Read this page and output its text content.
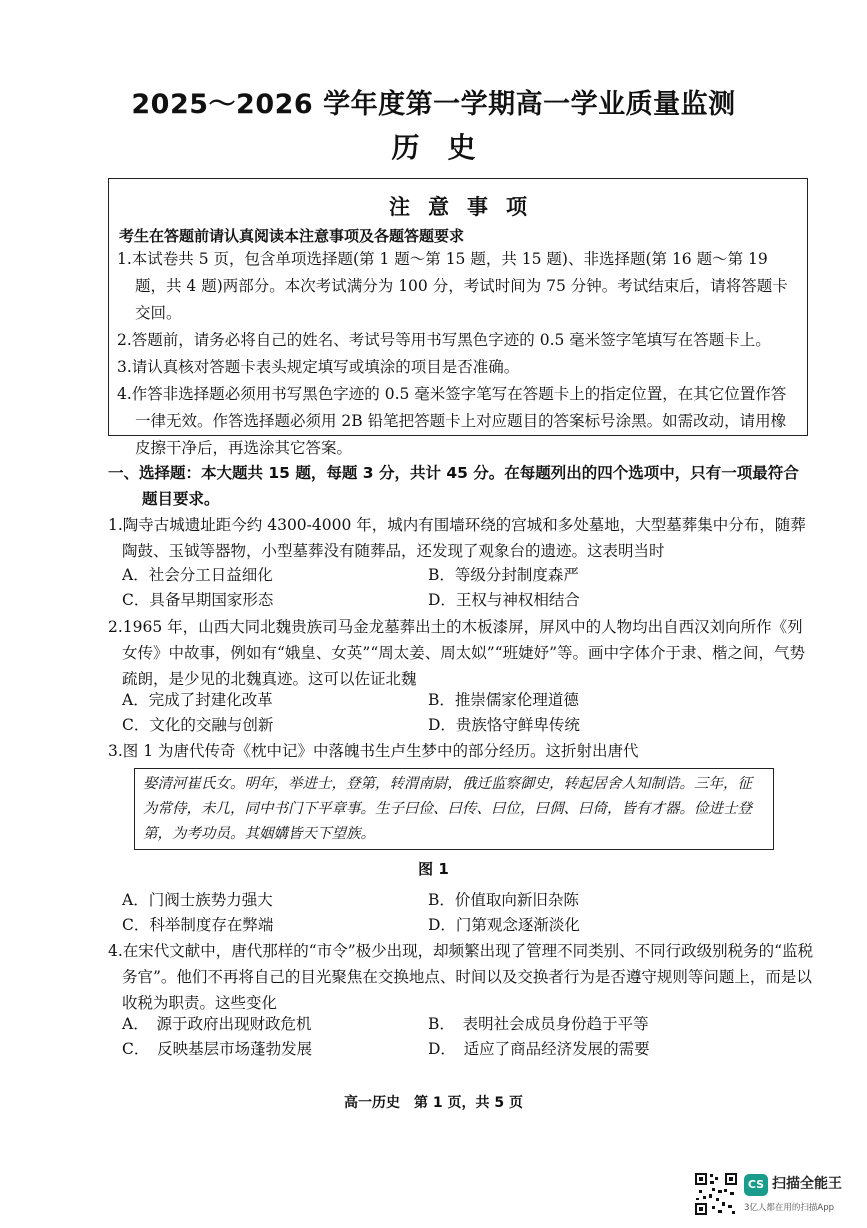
2025～2026 学年度第一学期高一学业质量监测
历史
注意事项
考生在答题前请认真阅读本注意事项及各题答题要求
1.本试卷共 5 页，包含单项选择题(第 1 题～第 15 题，共 15 题)、非选择题(第 16 题～第 19 题，共 4 题)两部分。本次考试满分为 100 分，考试时间为 75 分钟。考试结束后，请将答题卡交回。
2.答题前，请务必将自己的姓名、考试号等用书写黑色字迹的 0.5 毫米签字笔填写在答题卡上。
3.请认真核对答题卡表头规定填写或填涂的项目是否准确。
4.作答非选择题必须用书写黑色字迹的 0.5 毫米签字笔写在答题卡上的指定位置，在其它位置作答一律无效。作答选择题必须用 2B 铅笔把答题卡上对应题目的答案标号涂黑。如需改动，请用橡皮擦干净后，再选涂其它答案。
一、选择题：本大题共 15 题，每题 3 分，共计 45 分。在每题列出的四个选项中，只有一项最符合
题目要求。
1.陶寺古城遗址距今约 4300-4000 年，城内有围墙环绕的宫城和多处墓地，大型墓葬集中分布，随葬陶鼓、玉钺等器物，小型墓葬没有随葬品，还发现了观象台的遗迹。这表明当时
A．社会分工日益细化	B．等级分封制度森严
C．具备早期国家形态	D．王权与神权相结合
2.1965 年，山西大同北魏贵族司马金龙墓葬出土的木板漆屏，屏风中的人物均出自西汉刘向所作《列女传》中故事，例如有“娥皇、女英”“周太姜、周太姒”“班婕妤”等。画中字体介于隶、楷之间，气势疏朗，是少见的北魏真迹。这可以佐证北魏
A．完成了封建化改革	B．推崇儒家伦理道德
C．文化的交融与创新	D．贵族恪守鲜卑传统
3.图 1 为唐代传奇《枕中记》中落魄书生卢生梦中的部分经历。这折射出唐代
娶清河崔氏女。明年，举进士，登第，转渭南尉，俄迁监察御史，转起居舍人知制诰。三年，征为常侍，未几，同中书门下平章事。生子曰俭、曰传、曰位，曰倜、曰倚，皆有才器。俭进士登第，为考功员。其姻媾皆天下望族。
图 1
A．门阀士族势力强大	B．价值取向新旧杂陈
C．科举制度存在弊端	D．门第观念逐渐淡化
4.在宋代文献中，唐代那样的“市令”极少出现，却频繁出现了管理不同类别、不同行政级别税务的“监税务官”。他们不再将自己的目光聚焦在交换地点、时间以及交换者行为是否遵守规则等问题上，而是以收税为职责。这些变化
A．　源于政府出现财政危机	B．　表明社会成员身份趋于平等
C．　反映基层市场蓬勃发展	D．　适应了商品经济发展的需要
高一历史　第 1 页，共 5 页
CS 扫描全能王
3亿人都在用的扫描App
